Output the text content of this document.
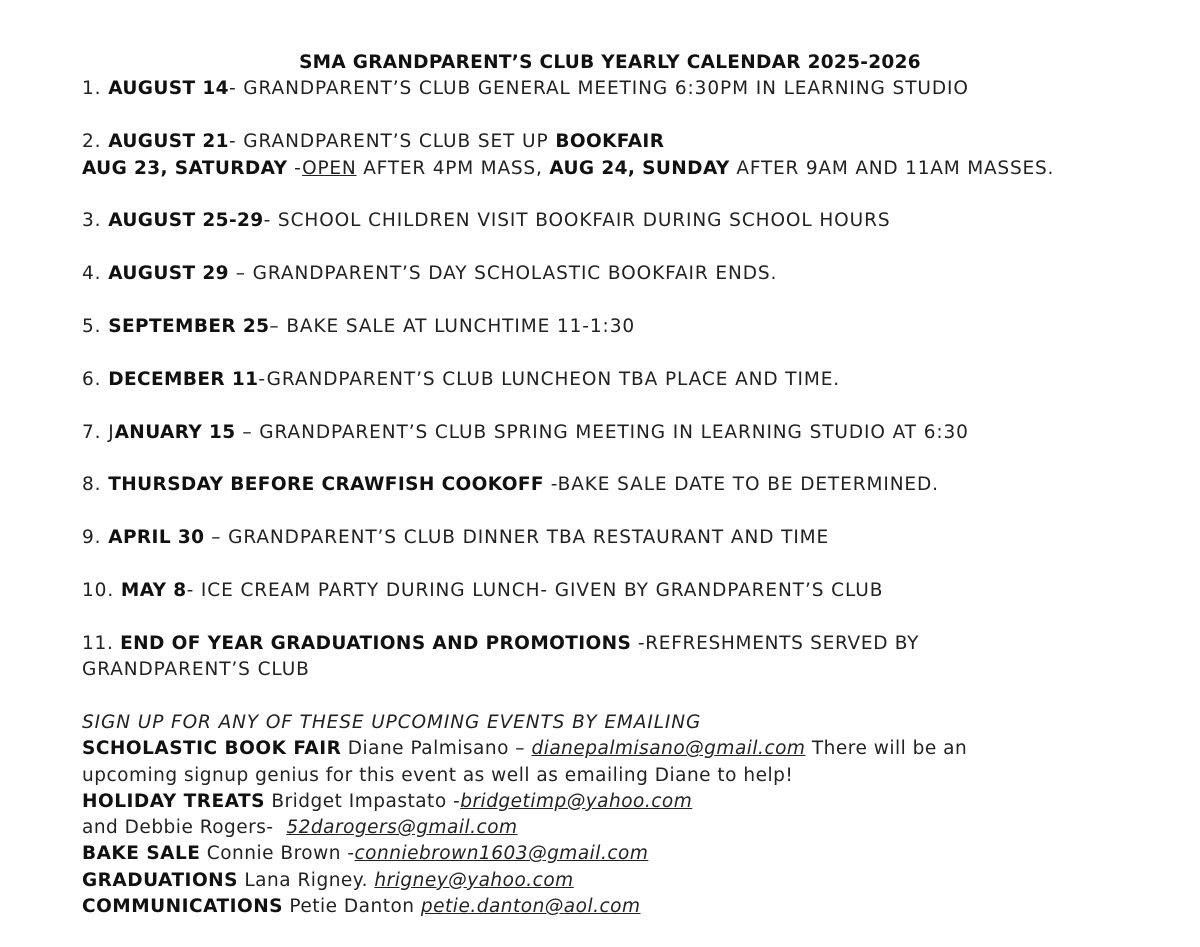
SMA GRANDPARENT’S CLUB YEARLY CALENDAR 2025-2026
1. AUGUST 14- GRANDPARENT’S CLUB GENERAL MEETING 6:30PM IN LEARNING STUDIO
2. AUGUST 21- GRANDPARENT’S CLUB SET UP BOOKFAIR
AUG 23, SATURDAY -OPEN AFTER 4PM MASS, AUG 24, SUNDAY AFTER 9AM AND 11AM MASSES.
3. AUGUST 25-29- SCHOOL CHILDREN VISIT BOOKFAIR DURING SCHOOL HOURS
4. AUGUST 29 – GRANDPARENT’S DAY SCHOLASTIC BOOKFAIR ENDS.
5. SEPTEMBER 25– BAKE SALE AT LUNCHTIME 11-1:30
6. DECEMBER 11-GRANDPARENT’S CLUB LUNCHEON TBA PLACE AND TIME.
7. JANUARY 15 – GRANDPARENT’S CLUB SPRING MEETING IN LEARNING STUDIO AT 6:30
8. THURSDAY BEFORE CRAWFISH COOKOFF -BAKE SALE DATE TO BE DETERMINED.
9. APRIL 30 – GRANDPARENT’S CLUB DINNER TBA RESTAURANT AND TIME
10. MAY 8- ICE CREAM PARTY DURING LUNCH- GIVEN BY GRANDPARENT’S CLUB
11. END OF YEAR GRADUATIONS AND PROMOTIONS -REFRESHMENTS SERVED BY
GRANDPARENT’S CLUB
SIGN UP FOR ANY OF THESE UPCOMING EVENTS BY EMAILING
SCHOLASTIC BOOK FAIR Diane Palmisano – dianepalmisano@gmail.com There will be an
upcoming signup genius for this event as well as emailing Diane to help!
HOLIDAY TREATS Bridget Impastato -bridgetimp@yahoo.com
and Debbie Rogers-  52darogers@gmail.com
BAKE SALE Connie Brown -conniebrown1603@gmail.com
GRADUATIONS Lana Rigney. hrigney@yahoo.com
COMMUNICATIONS Petie Danton petie.danton@aol.com
